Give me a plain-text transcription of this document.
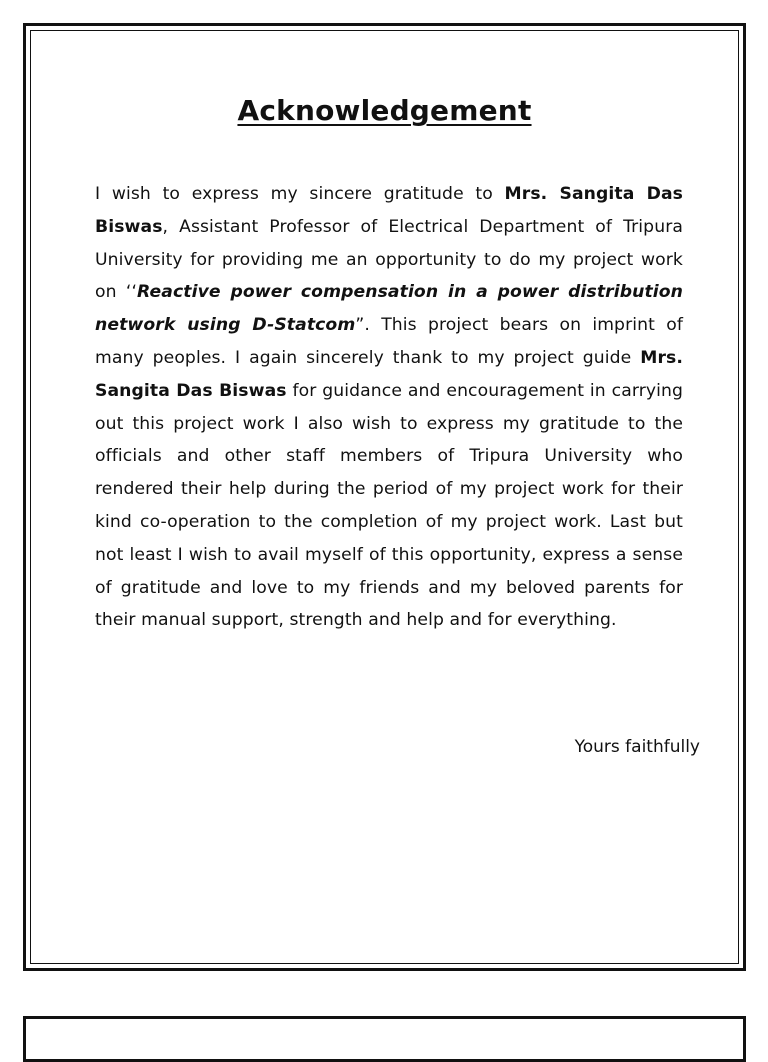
Acknowledgement
I wish to express my sincere gratitude to Mrs. Sangita Das Biswas, Assistant Professor of Electrical Department of Tripura University for providing me an opportunity to do my project work on ‘‘Reactive power compensation in a power distribution network using D-Statcom”. This project bears on imprint of many peoples. I again sincerely thank to my project guide Mrs. Sangita Das Biswas for guidance and encouragement in carrying out this project work I also wish to express my gratitude to the officials and other staff members of Tripura University who rendered their help during the period of my project work for their kind co-operation to the completion of my project work. Last but not least I wish to avail myself of this opportunity, express a sense of gratitude and love to my friends and my beloved parents for their manual support, strength and help and for everything.
Yours faithfully
